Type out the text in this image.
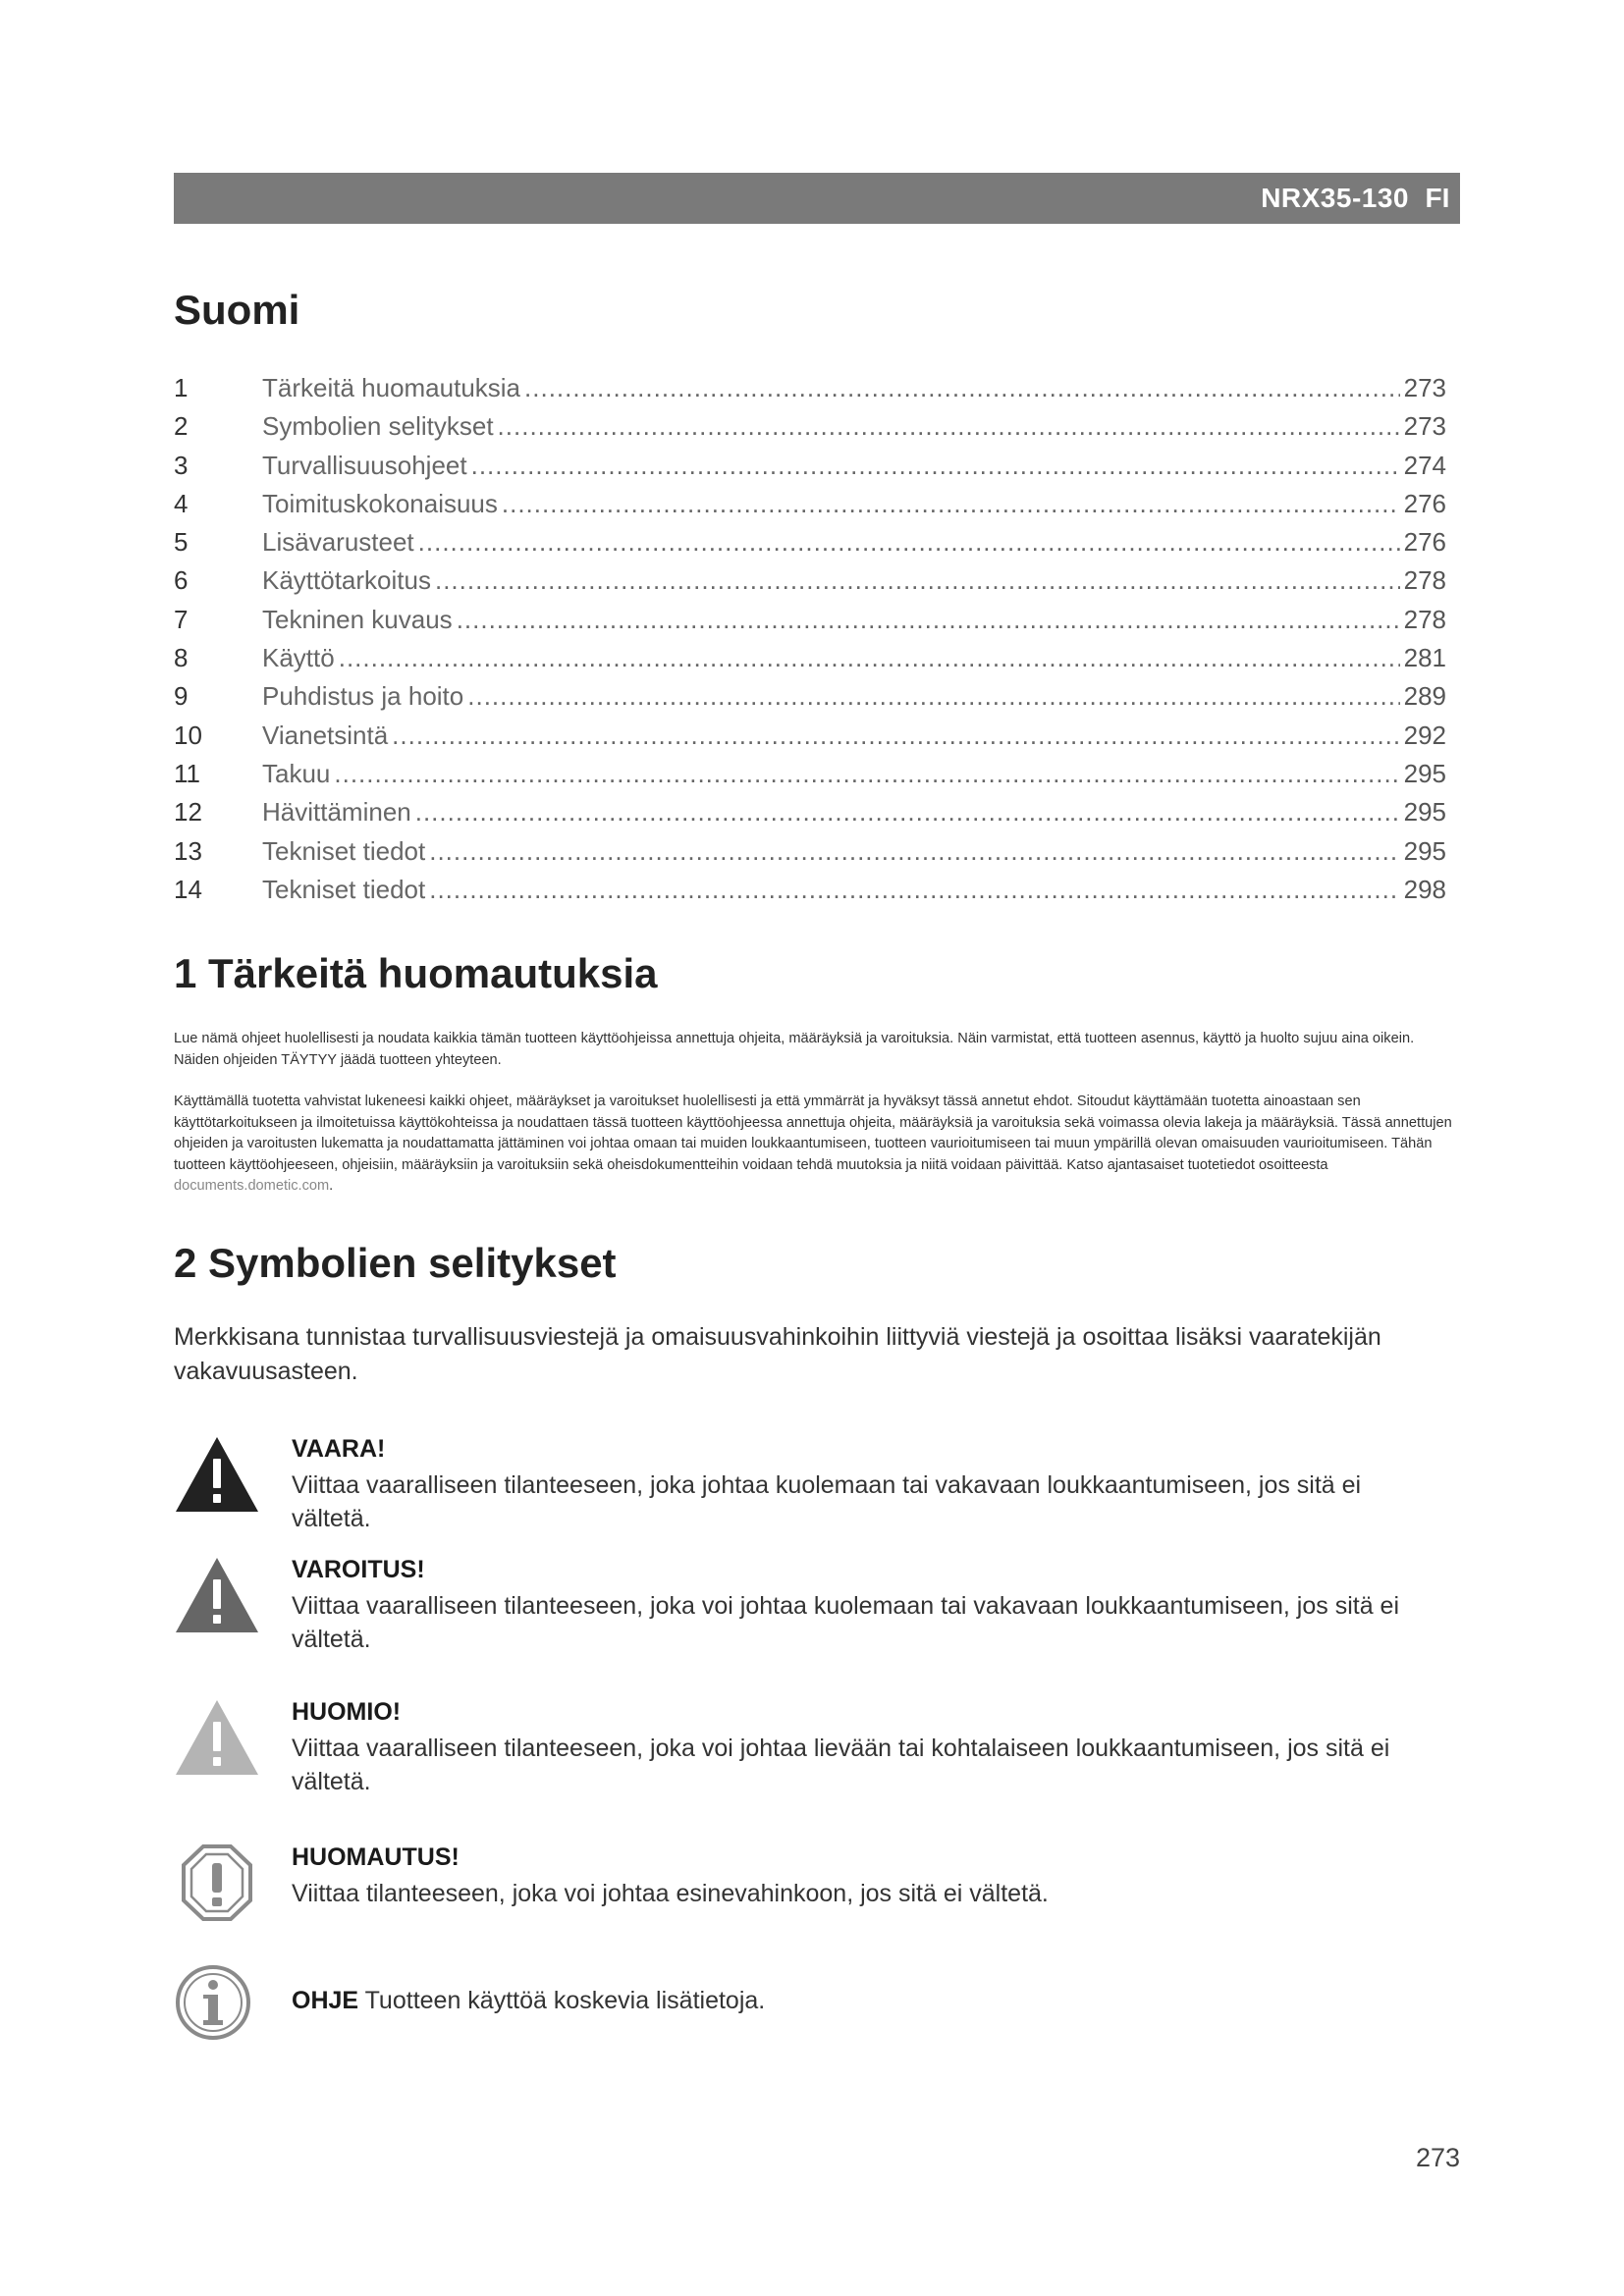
NRX35-130 FI
Suomi
1	Tärkeitä huomautuksia .....	273
2	Symbolien selitykset .....	273
3	Turvallisuusohjeet .....	274
4	Toimituskokonaisuus .....	276
5	Lisävarusteet .....	276
6	Käyttötarkoitus .....	278
7	Tekninen kuvaus .....	278
8	Käyttö .....	281
9	Puhdistus ja hoito .....	289
10	Vianetsintä .....	292
11	Takuu .....	295
12	Hävittäminen .....	295
13	Tekniset tiedot .....	295
14	Tekniset tiedot .....	298
1 Tärkeitä huomautuksia

Lue nämä ohjeet huolellisesti ja noudata kaikkia tämän tuotteen käyttöohjeissa annettuja ohjeita, määräyksiä ja varoituksia. Näin varmistat, että tuotteen asennus, käyttö ja huolto sujuu aina oikein. Näiden ohjeiden TÄYTYY jäädä tuotteen yhteyteen.

Käyttämällä tuotetta vahvistat lukeneesi kaikki ohjeet, määräykset ja varoitukset huolellisesti ja että ymmärrät ja hyväksyt tässä annetut ehdot. Sitoudut käyttämään tuotetta ainoastaan sen käyttötarkoitukseen ja ilmoitetuissa käyttökohteissa ja noudattaen tässä tuotteen käyttöohjeessa annettuja ohjeita, määräyksiä ja varoituksia sekä voimassa olevia lakeja ja määräyksiä. Tässä annettujen ohjeiden ja varoitusten lukematta ja noudattamatta jättäminen voi johtaa omaan tai muiden loukkaantumiseen, tuotteen vaurioitumiseen tai muun ympärillä olevan omaisuuden vaurioitumiseen. Tähän tuotteen käyttöohjeeseen, ohjeisiin, määräyksiin ja varoituksiin sekä oheisdokumentteihin voidaan tehdä muutoksia ja niitä voidaan päivittää. Katso ajantasaiset tuotetiedot osoitteesta documents.dometic.com.

2 Symbolien selitykset

Merkkisana tunnistaa turvallisuusviestejä ja omaisuusvahinkoihin liittyviä viestejä ja osoittaa lisäksi vaaratekijän vakavuusasteen.

VAARA!

Viittaa vaaralliseen tilanteeseen, joka johtaa kuolemaan tai vakavaan loukkaantumiseen, jos sitä ei vältetä.

VAROITUS!

Viittaa vaaralliseen tilanteeseen, joka voi johtaa kuolemaan tai vakavaan loukkaantumiseen, jos sitä ei vältetä.

HUOMIO!

Viittaa vaaralliseen tilanteeseen, joka voi johtaa lievään tai kohtalaiseen loukkaantumiseen, jos sitä ei vältetä.

HUOMAUTUS!

Viittaa tilanteeseen, joka voi johtaa esinevahinkoon, jos sitä ei vältetä.

OHJE Tuotteen käyttöä koskevia lisätietoja.
273
